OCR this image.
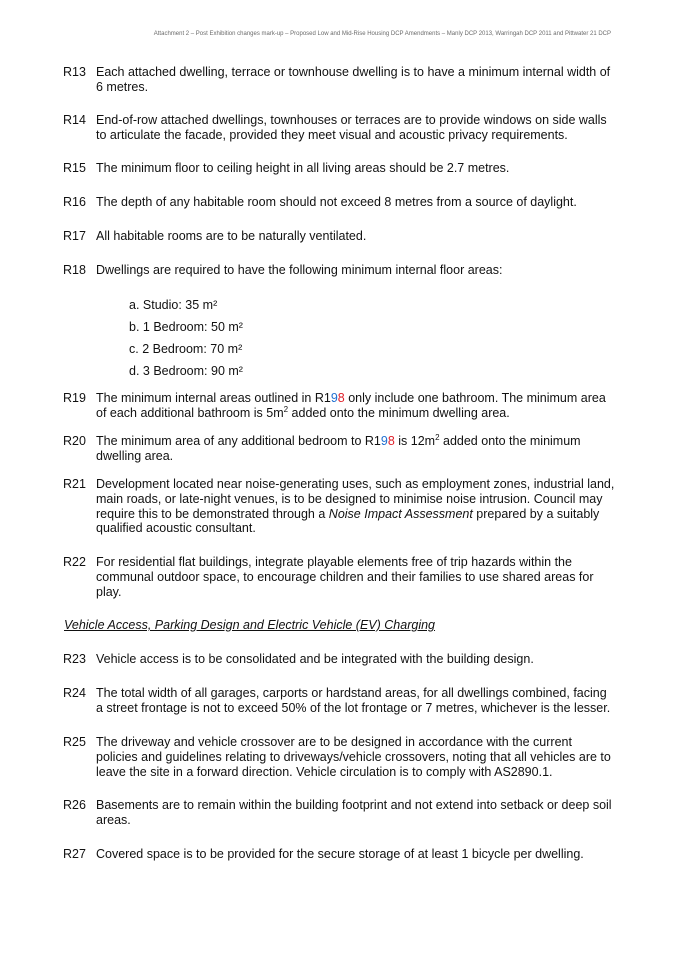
Attachment 2 – Post Exhibition changes mark-up – Proposed Low and Mid-Rise Housing DCP Amendments – Manly DCP 2013, Warringah DCP 2011 and Pittwater 21 DCP
R13 Each attached dwelling, terrace or townhouse dwelling is to have a minimum internal width of 6 metres.
R14 End-of-row attached dwellings, townhouses or terraces are to provide windows on side walls to articulate the facade, provided they meet visual and acoustic privacy requirements.
R15 The minimum floor to ceiling height in all living areas should be 2.7 metres.
R16 The depth of any habitable room should not exceed 8 metres from a source of daylight.
R17 All habitable rooms are to be naturally ventilated.
R18 Dwellings are required to have the following minimum internal floor areas:
a. Studio: 35 m²
b. 1 Bedroom: 50 m²
c. 2 Bedroom: 70 m²
d. 3 Bedroom: 90 m²
R19 The minimum internal areas outlined in R198 only include one bathroom. The minimum area of each additional bathroom is $5m^2$ added onto the minimum dwelling area.
R20 The minimum area of any additional bedroom to R198 is $12m^2$ added onto the minimum dwelling area.
R21 Development located near noise-generating uses, such as employment zones, industrial land, main roads, or late-night venues, is to be designed to minimise noise intrusion. Council may require this to be demonstrated through a Noise Impact Assessment prepared by a suitably qualified acoustic consultant.
R22 For residential flat buildings, integrate playable elements free of trip hazards within the communal outdoor space, to encourage children and their families to use shared areas for play.
Vehicle Access, Parking Design and Electric Vehicle (EV) Charging
R23 Vehicle access is to be consolidated and be integrated with the building design.
R24 The total width of all garages, carports or hardstand areas, for all dwellings combined, facing a street frontage is not to exceed 50% of the lot frontage or 7 metres, whichever is the lesser.
R25 The driveway and vehicle crossover are to be designed in accordance with the current policies and guidelines relating to driveways/vehicle crossovers, noting that all vehicles are to leave the site in a forward direction. Vehicle circulation is to comply with AS2890.1.
R26 Basements are to remain within the building footprint and not extend into setback or deep soil areas.
R27 Covered space is to be provided for the secure storage of at least 1 bicycle per dwelling.
